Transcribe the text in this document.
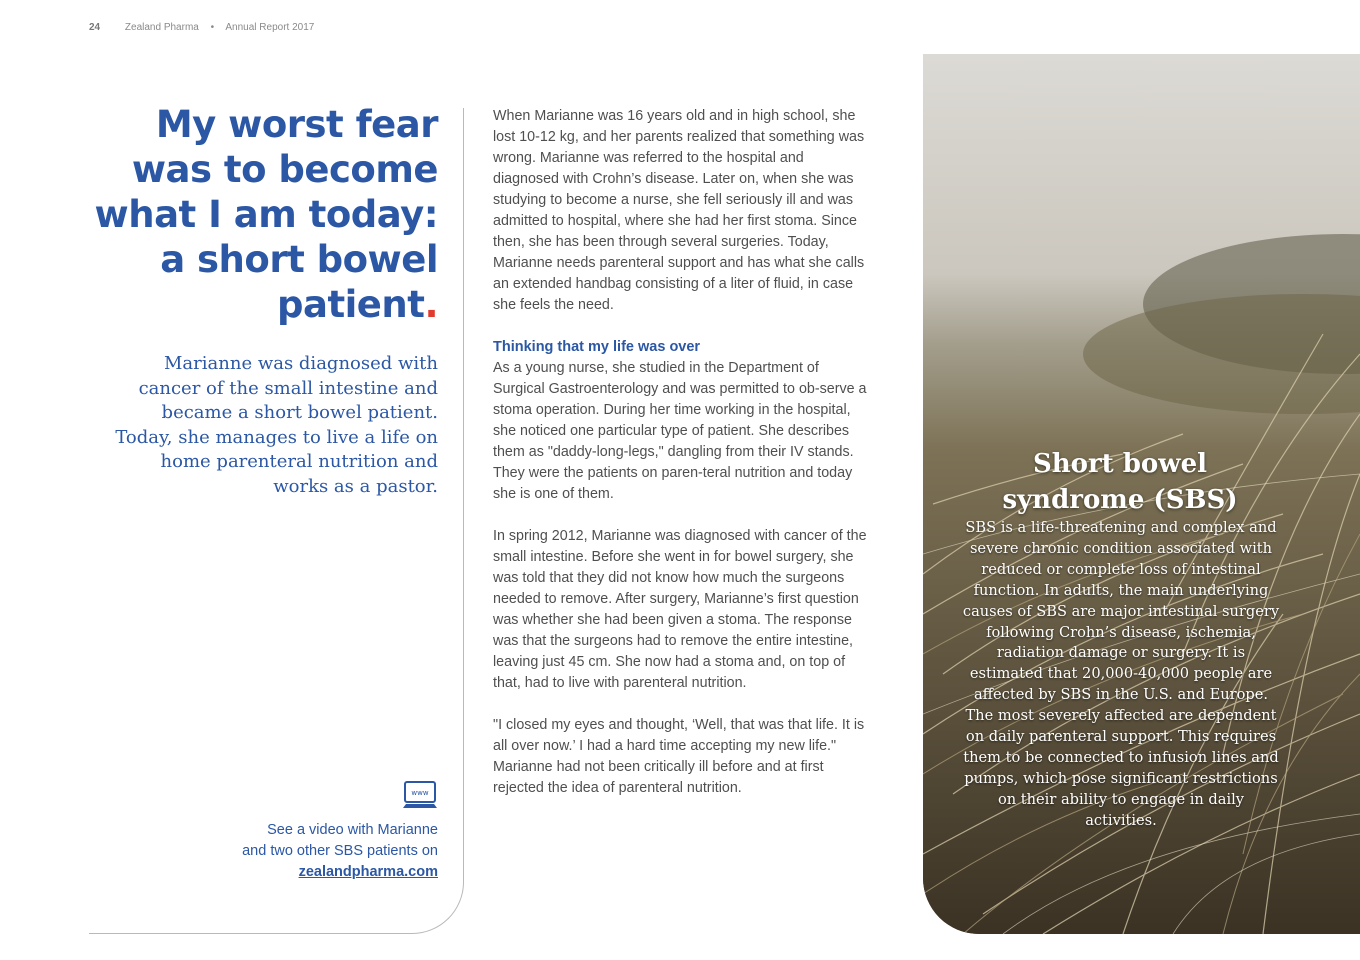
24 Zealand Pharma • Annual Report 2017
My worst fear
was to become
what I am today:
a short bowel
patient.
Marianne was diagnosed with cancer of the small intestine and became a short bowel patient. Today, she manages to live a life on home parenteral nutrition and works as a pastor.
www
See a video with Marianne
and two other SBS patients on
zealandpharma.com

When Marianne was 16 years old and in high school, she lost 10-12 kg, and her parents realized that something was wrong. Marianne was referred to the hospital and diagnosed with Crohn’s disease. Later on, when she was studying to become a nurse, she fell seriously ill and was admitted to hospital, where she had her first stoma. Since then, she has been through several surgeries. Today, Marianne needs parenteral support and has what she calls an extended handbag consisting of a liter of fluid, in case she feels the need.

Thinking that my life was over

As a young nurse, she studied in the Department of Surgical Gastroenterology and was permitted to ob-serve a stoma operation. During her time working in the hospital, she noticed one particular type of patient. She describes them as "daddy-long-legs," dangling from their IV stands. They were the patients on paren-teral nutrition and today she is one of them.

In spring 2012, Marianne was diagnosed with cancer of the small intestine. Before she went in for bowel surgery, she was told that they did not know how much the surgeons needed to remove. After surgery, Marianne’s first question was whether she had been given a stoma. The response was that the surgeons had to remove the entire intestine, leaving just 45 cm. She now had a stoma and, on top of that, had to live with parenteral nutrition.

"I closed my eyes and thought, ‘Well, that was that life. It is all over now.’ I had a hard time accepting my new life." Marianne had not been critically ill before and at first rejected the idea of parenteral nutrition.

Short bowel
syndrome (SBS)
SBS is a life-threatening and complex and severe chronic condition associated with reduced or complete loss of intestinal function. In adults, the main underlying causes of SBS are major intestinal surgery following Crohn’s disease, ischemia, radiation damage or surgery. It is estimated that 20,000-40,000 people are affected by SBS in the U.S. and Europe. The most severely affected are dependent on daily parenteral support. This requires them to be connected to infusion lines and pumps, which pose significant restrictions on their ability to engage in daily activities.
